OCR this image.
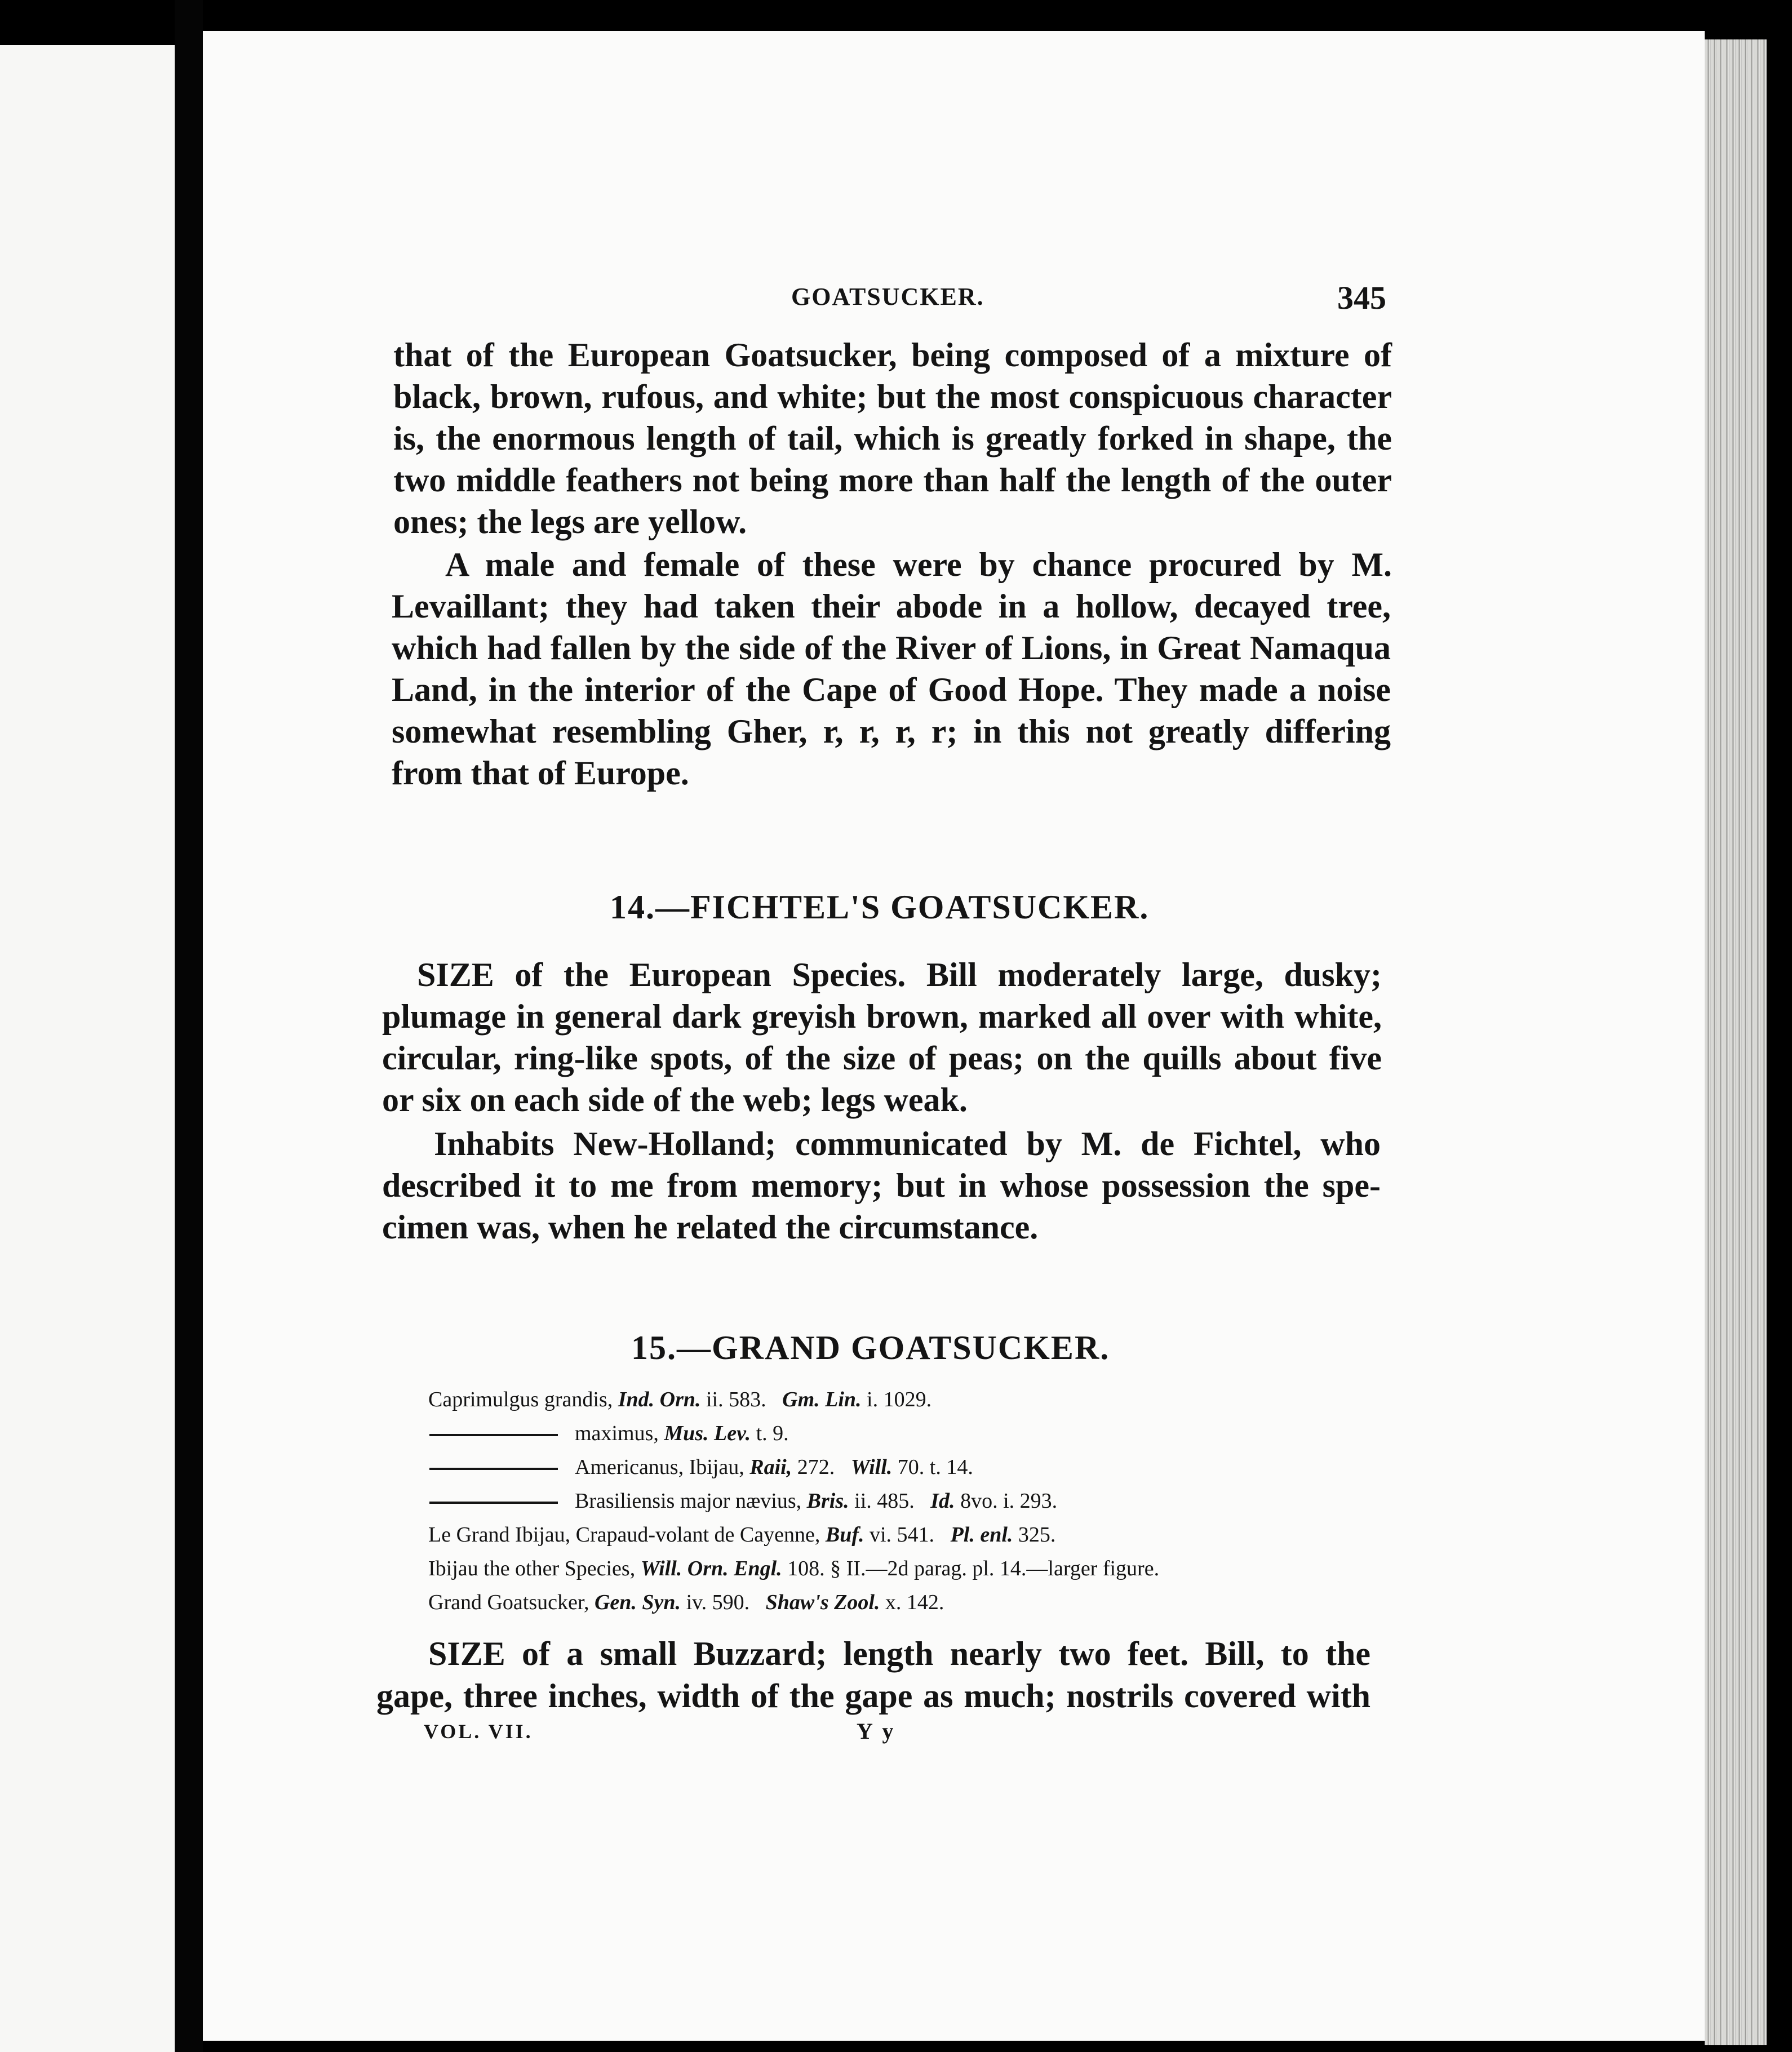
GOATSUCKER.	345
that of the European Goatsucker, being composed of a mixture of
black, brown, rufous, and white; but the most conspicuous character
is, the enormous length of tail, which is greatly forked in shape, the
two middle feathers not being more than half the length of the outer
ones; the legs are yellow.
A male and female of these were by chance procured by M.
Levaillant; they had taken their abode in a hollow, decayed tree,
which had fallen by the side of the River of Lions, in Great Namaqua
Land, in the interior of the Cape of Good Hope. They made a noise
somewhat resembling Gher, r, r, r, r; in this not greatly differing
from that of Europe.
14.—FICHTEL'S GOATSUCKER.
SIZE of the European Species. Bill moderately large, dusky;
plumage in general dark greyish brown, marked all over with white,
circular, ring-like spots, of the size of peas; on the quills about five
or six on each side of the web; legs weak.
Inhabits New-Holland; communicated by M. de Fichtel, who
described it to me from memory; but in whose possession the spe-
cimen was, when he related the circumstance.
15.—GRAND GOATSUCKER.
Caprimulgus grandis, Ind. Orn. ii. 583. Gm. Lin. i. 1029.
maximus, Mus. Lev. t. 9.
Americanus, Ibijau, Raii, 272. Will. 70. t. 14.
Brasiliensis major nævius, Bris. ii. 485. Id. 8vo. i. 293.
Le Grand Ibijau, Crapaud-volant de Cayenne, Buf. vi. 541. Pl. enl. 325.
Ibijau the other Species, Will. Orn. Engl. 108. § II.—2d parag. pl. 14.—larger figure.
Grand Goatsucker, Gen. Syn. iv. 590. Shaw's Zool. x. 142.
SIZE of a small Buzzard; length nearly two feet. Bill, to the
gape, three inches, width of the gape as much; nostrils covered with
VOL. VII.	Y y
